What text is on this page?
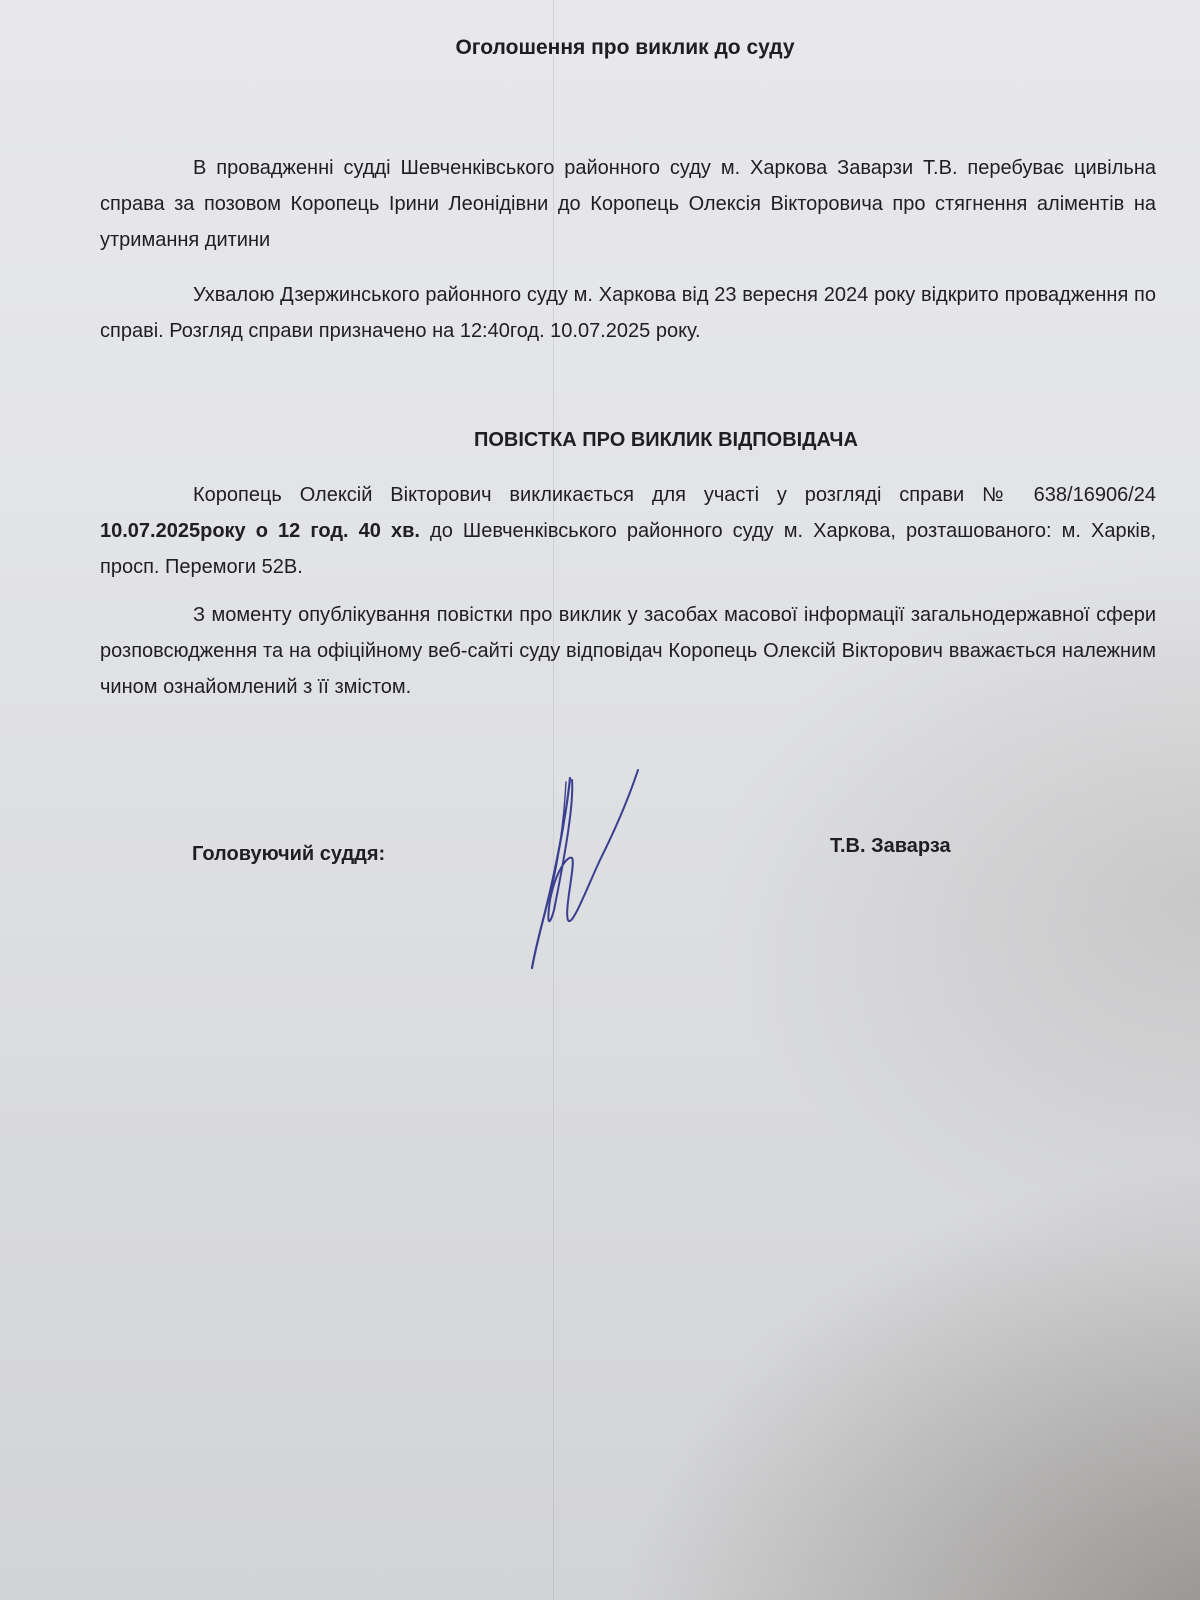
Оголошення про виклик до суду

В провадженні судді Шевченківського районного суду м. Харкова Заварзи Т.В. перебуває цивільна справа за позовом Коропець Ірини Леонідівни до Коропець Олексія Вікторовича про стягнення аліментів на утримання дитини

Ухвалою Дзержинського районного суду м. Харкова від 23 вересня 2024 року відкрито провадження по справі. Розгляд справи призначено на 12:40год. 10.07.2025 року.

ПОВІСТКА ПРО ВИКЛИК ВІДПОВІДАЧА

Коропець Олексій Вікторович викликається для участі у розгляді справи № 638/16906/24 10.07.2025року о 12 год. 40 хв. до Шевченківського районного суду м. Харкова, розташованого: м. Харків, просп. Перемоги 52В.

З моменту опублікування повістки про виклик у засобах масової інформації загальнодержавної сфери розповсюдження та на офіційному веб-сайті суду відповідач Коропець Олексій Вікторович вважається належним чином ознайомлений з її змістом.

Головуючий суддя:	Т.В. Заварза
